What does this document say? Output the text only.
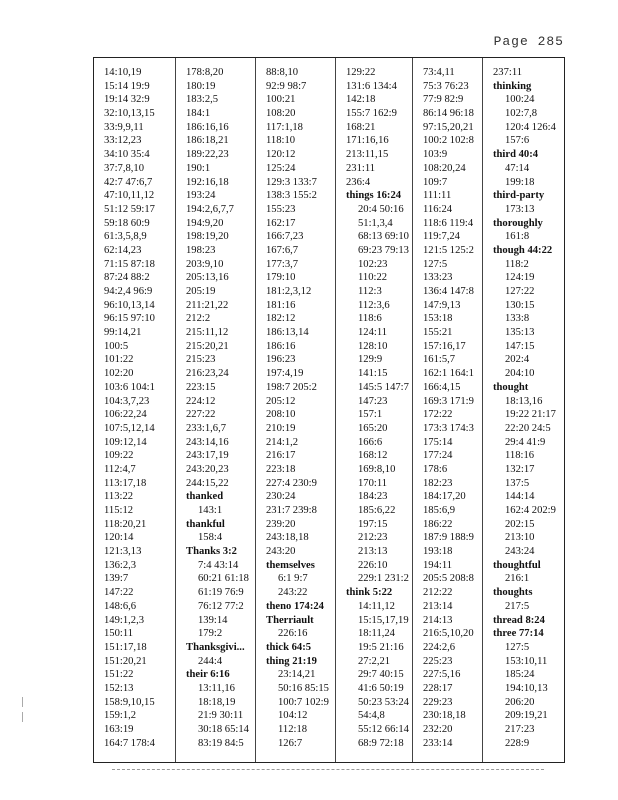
Page 285
14:10,19
15:14 19:9
19:14 32:9
32:10,13,15
33:9,9,11
33:12,23
34:10 35:4
37:7,8,10
42:7 47:6,7
47:10,11,12
51:12 59:17
59:18 60:9
61:3,5,8,9
62:14,23
71:15 87:18
87:24 88:2
94:2,4 96:9
96:10,13,14
96:15 97:10
99:14,21
100:5
101:22
102:20
103:6 104:1
104:3,7,23
106:22,24
107:5,12,14
109:12,14
109:22
112:4,7
113:17,18
113:22
115:12
118:20,21
120:14
121:3,13
136:2,3
139:7
147:22
148:6,6
149:1,2,3
150:11
151:17,18
151:20,21
151:22
152:13
158:9,10,15
159:1,2
163:19
164:7 178:4
178:8,20
180:19
183:2,5
184:1
186:16,16
186:18,21
189:22,23
190:1
192:16,18
193:24
194:2,6,7,7
194:9,20
198:19,20
198:23
203:9,10
205:13,16
205:19
211:21,22
212:2
215:11,12
215:20,21
215:23
216:23,24
223:15
224:12
227:22
233:1,6,7
243:14,16
243:17,19
243:20,23
244:15,22
thanked
143:1
thankful
158:4
Thanks 3:2
7:4 43:14
60:21 61:18
61:19 76:9
76:12 77:2
139:14
179:2
Thanksgivi...
244:4
their 6:16
13:11,16
18:18,19
21:9 30:11
30:18 65:14
83:19 84:5
88:8,10
92:9 98:7
100:21
108:20
117:1,18
118:10
120:12
125:24
129:3 133:7
138:3 155:2
155:23
162:17
166:7,23
167:6,7
177:3,7
179:10
181:2,3,12
181:16
182:12
186:13,14
186:16
196:23
197:4,19
198:7 205:2
205:12
208:10
210:19
214:1,2
216:17
223:18
227:4 230:9
230:24
231:7 239:8
239:20
243:18,18
243:20
themselves
6:1 9:7
243:22
theno 174:24
Therriault
226:16
thick 64:5
thing 21:19
23:14,21
50:16 85:15
100:7 102:9
104:12
112:18
126:7
129:22
131:6 134:4
142:18
155:7 162:9
168:21
171:16,16
213:11,15
231:11
236:4
things 16:24
20:4 50:16
51:1,3,4
68:13 69:10
69:23 79:13
102:23
110:22
112:3
112:3,6
118:6
124:11
128:10
129:9
141:15
145:5 147:7
147:23
157:1
165:20
166:6
168:12
169:8,10
170:11
184:23
185:6,22
197:15
212:23
213:13
226:10
229:1 231:2
think 5:22
14:11,12
15:15,17,19
18:11,24
19:5 21:16
27:2,21
29:7 40:15
41:6 50:19
50:23 53:24
54:4,8
55:12 66:14
68:9 72:18
73:4,11
75:3 76:23
77:9 82:9
86:14 96:18
97:15,20,21
100:2 102:8
103:9
108:20,24
109:7
111:11
116:24
118:6 119:4
119:7,24
121:5 125:2
127:5
133:23
136:4 147:8
147:9,13
153:18
155:21
157:16,17
161:5,7
162:1 164:1
166:4,15
169:3 171:9
172:22
173:3 174:3
175:14
177:24
178:6
182:23
184:17,20
185:6,9
186:22
187:9 188:9
193:18
194:11
205:5 208:8
212:22
213:14
214:13
216:5,10,20
224:2,6
225:23
227:5,16
228:17
229:23
230:18,18
232:20
233:14
237:11
thinking
100:24
102:7,8
120:4 126:4
157:6
third 40:4
47:14
199:18
third-party
173:13
thoroughly
161:8
though 44:22
118:2
124:19
127:22
130:15
133:8
135:13
147:15
202:4
204:10
thought
18:13,16
19:22 21:17
22:20 24:5
29:4 41:9
118:16
132:17
137:5
144:14
162:4 202:9
202:15
213:10
243:24
thoughtful
216:1
thoughts
217:5
thread 8:24
three 77:14
127:5
153:10,11
185:24
194:10,13
206:20
209:19,21
217:23
228:9
